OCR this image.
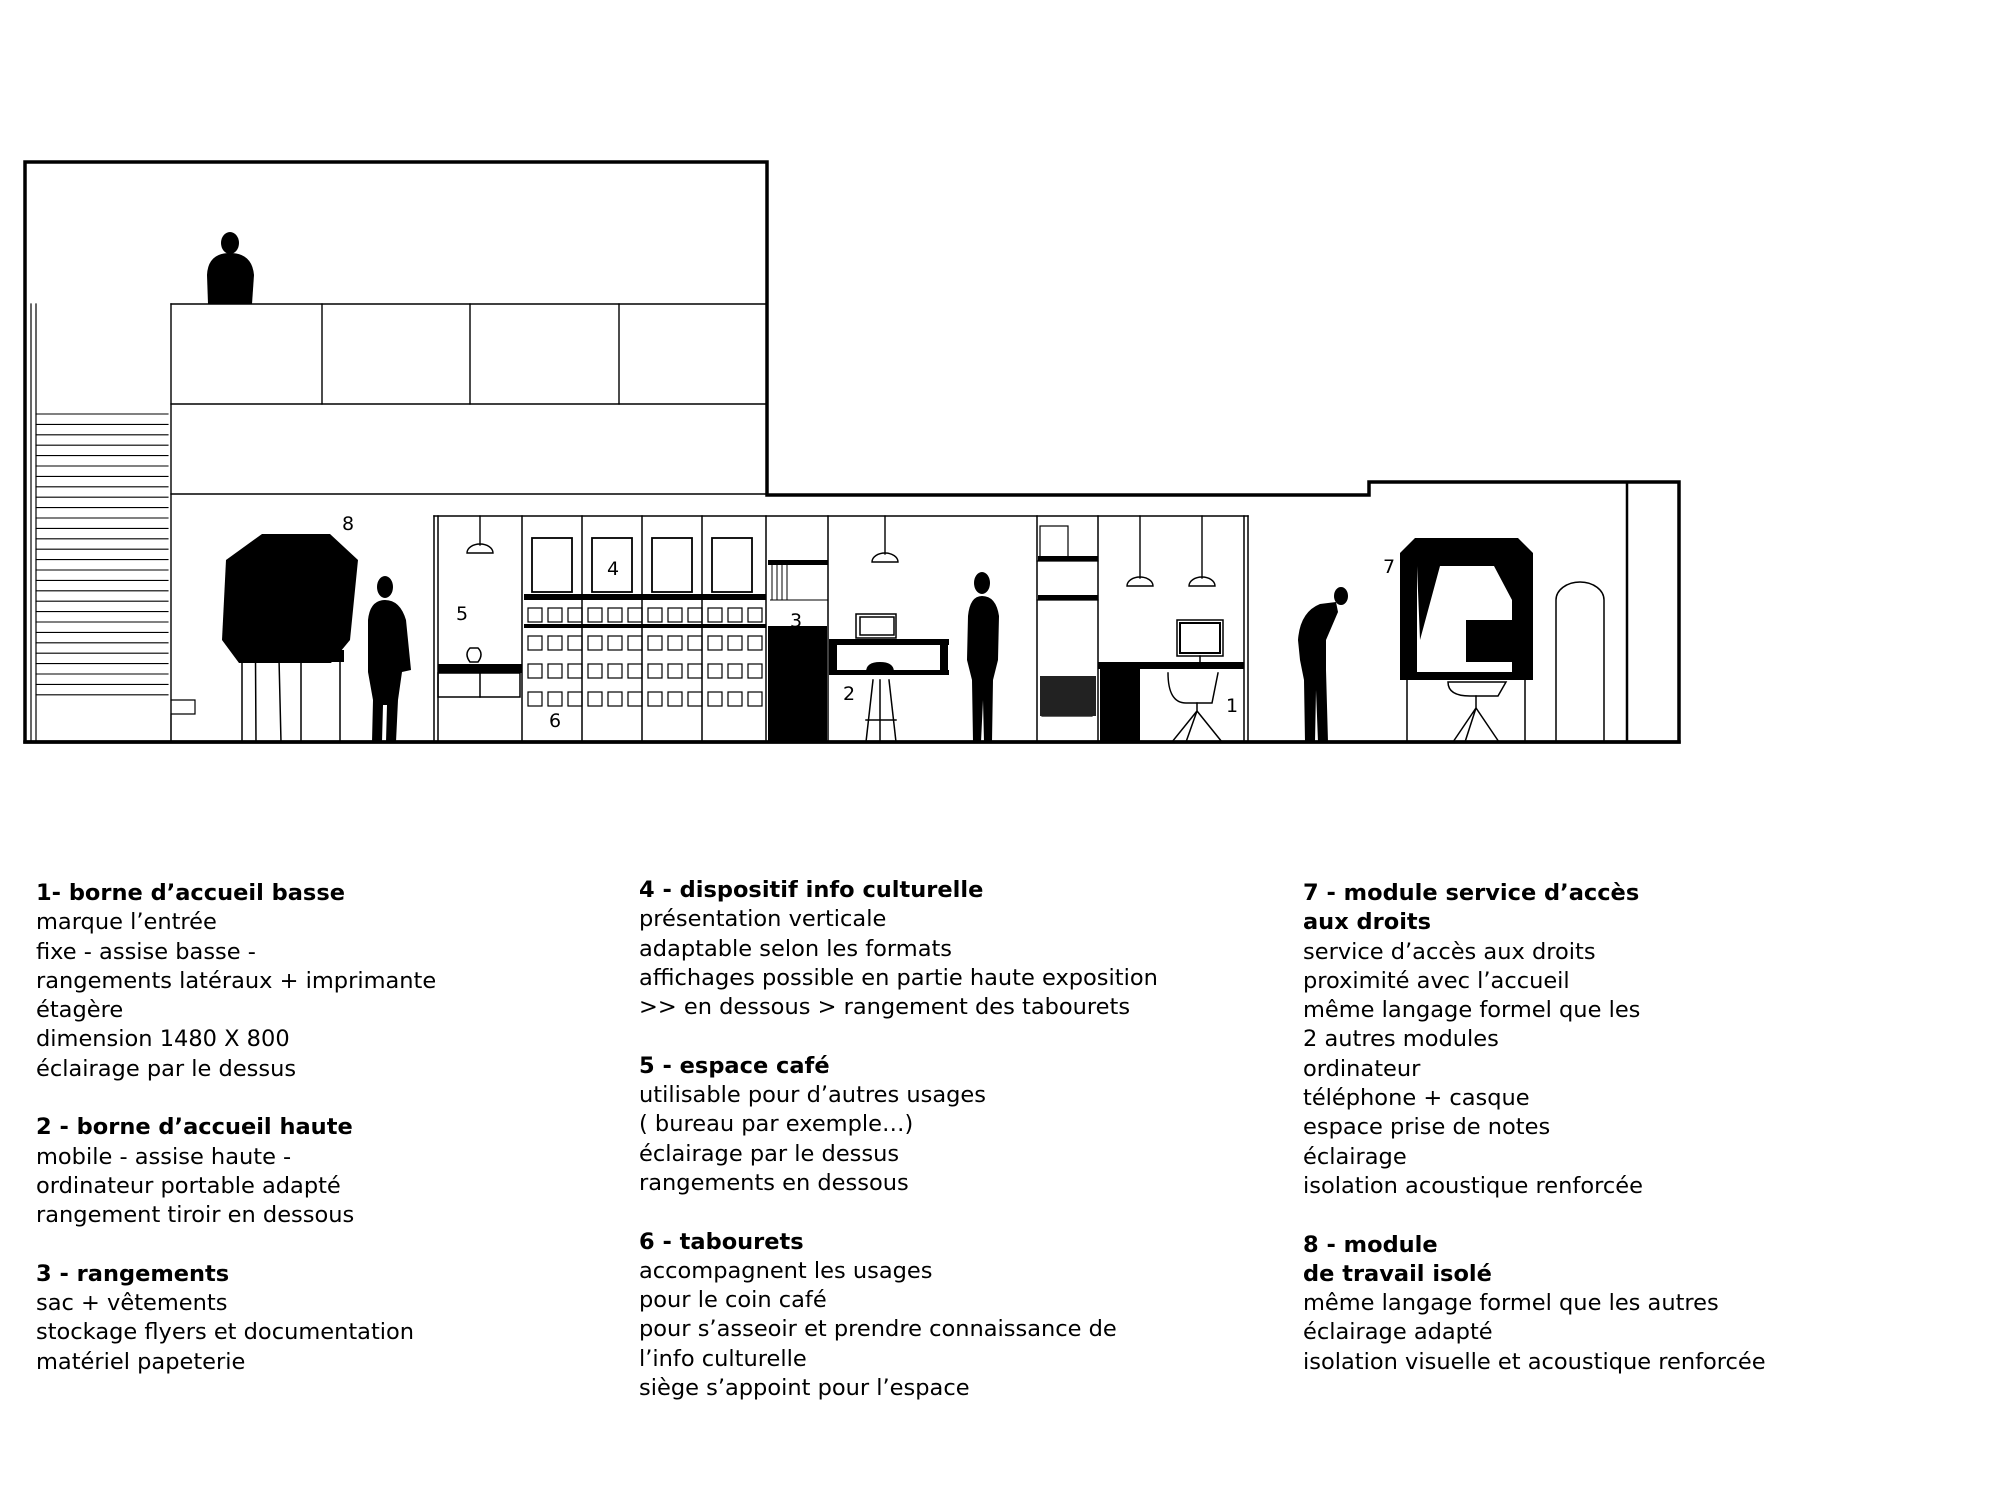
8
4
5	3
2
6
1
7
1- borne d’accueil basse
marque l’entrée
fixe - assise basse -
rangements latéraux + imprimante
étagère
dimension 1480 X 800
éclairage par le dessus
2 - borne d’accueil haute
mobile - assise haute -
ordinateur portable adapté
rangement tiroir en dessous
3 - rangements
sac + vêtements
stockage flyers et documentation
matériel papeterie
4 - dispositif info culturelle
présentation verticale
adaptable selon les formats
affichages possible en partie haute exposition
>> en dessous > rangement des tabourets
5 - espace café
utilisable pour d’autres usages
( bureau par exemple…)
éclairage par le dessus
rangements en dessous
6 - tabourets
accompagnent les usages
pour le coin café
pour s’asseoir et prendre connaissance de
l’info culturelle
siège s’appoint pour l’espace
7 - module service d’accès
aux droits
service d’accès aux droits
proximité avec l’accueil
même langage formel que les
2 autres modules
ordinateur
téléphone + casque
espace prise de notes
éclairage
isolation acoustique renforcée
8 - module
de travail isolé
même langage formel que les autres
éclairage adapté
isolation visuelle et acoustique renforcée
